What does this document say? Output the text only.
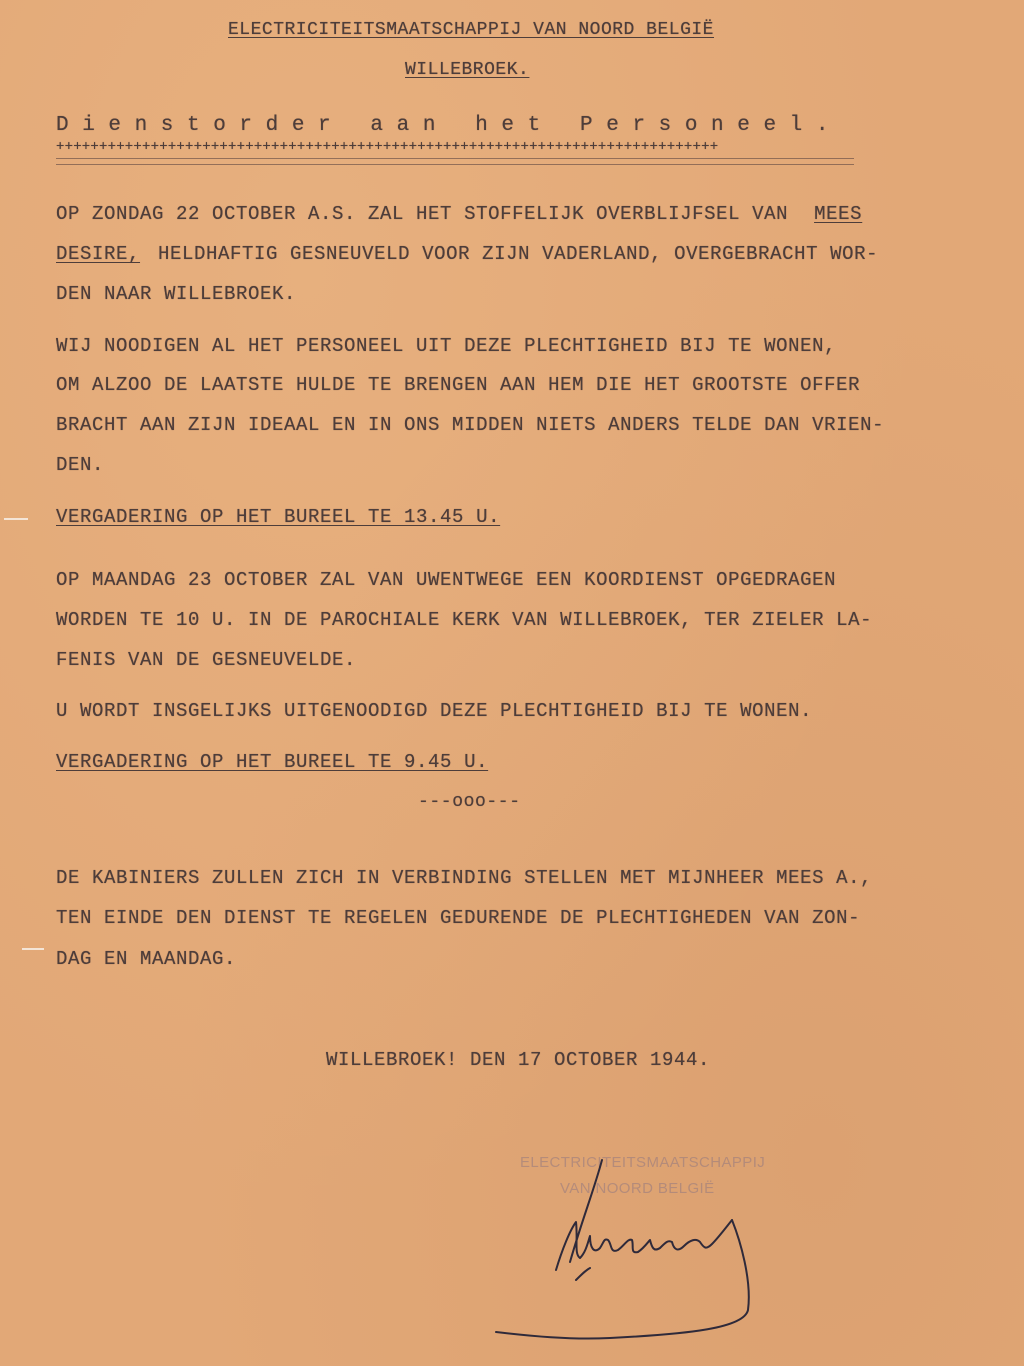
ELECTRICITEITSMAATSCHAPPIJ VAN NOORD BELGIË
WILLEBROEK.
Dienstorder aan het Personeel.
+++++++++++++++++++++++++++++++++++++++++++++++++++++++++++++++++++++++++++++
OP ZONDAG 22 OCTOBER A.S. ZAL HET STOFFELIJK OVERBLIJFSEL VAN MEES
DESIRE, HELDHAFTIG GESNEUVELD VOOR ZIJN VADERLAND, OVERGEBRACHT WOR-
DEN NAAR WILLEBROEK.
WIJ NOODIGEN AL HET PERSONEEL UIT DEZE PLECHTIGHEID BIJ TE WONEN,
OM ALZOO DE LAATSTE HULDE TE BRENGEN AAN HEM DIE HET GROOTSTE OFFER
BRACHT AAN ZIJN IDEAAL EN IN ONS MIDDEN NIETS ANDERS TELDE DAN VRIEN-
DEN.
VERGADERING OP HET BUREEL TE 13.45 U.
OP MAANDAG 23 OCTOBER ZAL VAN UWENTWEGE EEN KOORDIENST OPGEDRAGEN
WORDEN TE 10 U. IN DE PAROCHIALE KERK VAN WILLEBROEK, TER ZIELER LA-
FENIS VAN DE GESNEUVELDE.
U WORDT INSGELIJKS UITGENOODIGD DEZE PLECHTIGHEID BIJ TE WONEN.
VERGADERING OP HET BUREEL TE 9.45 U.
---ooo---
DE KABINIERS ZULLEN ZICH IN VERBINDING STELLEN MET MIJNHEER MEES A.,
TEN EINDE DEN DIENST TE REGELEN GEDURENDE DE PLECHTIGHEDEN VAN ZON-
DAG EN MAANDAG.
WILLEBROEK! DEN 17 OCTOBER 1944.
ELECTRICITEITSMAATSCHAPPIJ
VAN NOORD BELGIË
